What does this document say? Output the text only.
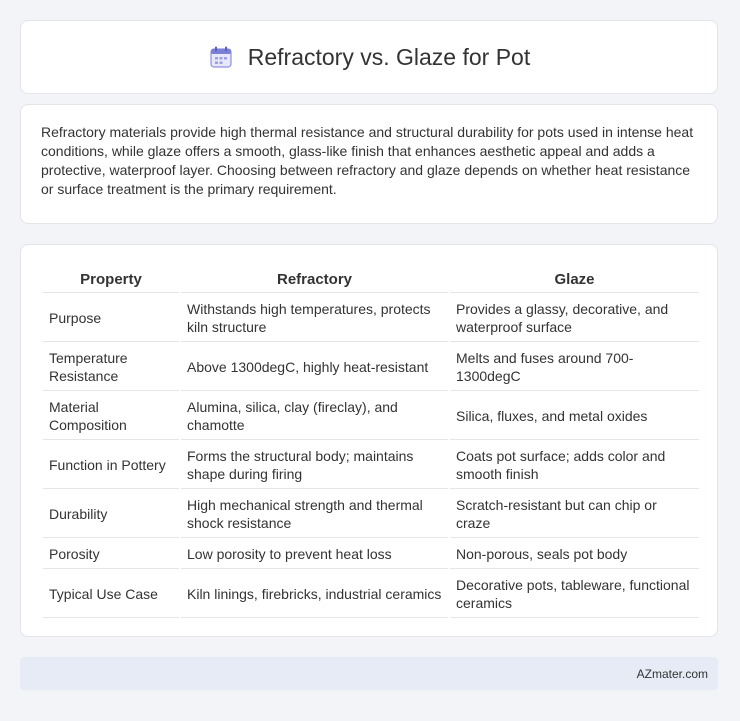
Refractory vs. Glaze for Pot

Refractory materials provide high thermal resistance and structural durability for pots used in intense heat conditions, while glaze offers a smooth, glass-like finish that enhances aesthetic appeal and adds a protective, waterproof layer. Choosing between refractory and glaze depends on whether heat resistance or surface treatment is the primary requirement.

Property	Refractory	Glaze
Purpose	Withstands high temperatures, protects kiln structure	Provides a glassy, decorative, and waterproof surface
Temperature Resistance	Above 1300degC, highly heat-resistant	Melts and fuses around 700-1300degC
Material Composition	Alumina, silica, clay (fireclay), and chamotte	Silica, fluxes, and metal oxides
Function in Pottery	Forms the structural body; maintains shape during firing	Coats pot surface; adds color and smooth finish
Durability	High mechanical strength and thermal shock resistance	Scratch-resistant but can chip or craze
Porosity	Low porosity to prevent heat loss	Non-porous, seals pot body
Typical Use Case	Kiln linings, firebricks, industrial ceramics	Decorative pots, tableware, functional ceramics
AZmater.com
